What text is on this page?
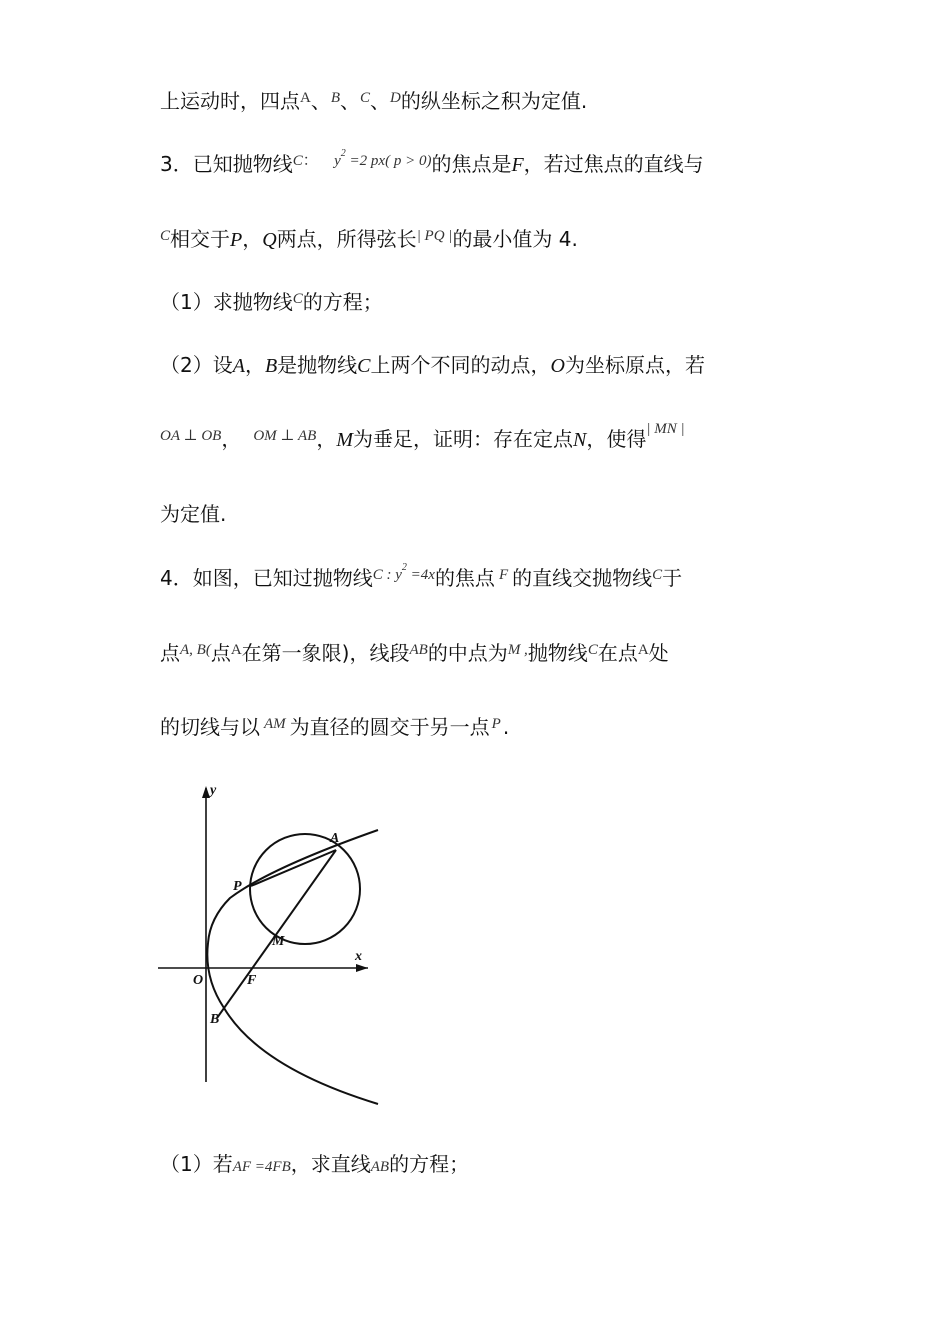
上运动时，四点$^A$、$^B$、$^C$、$^D$的纵坐标之积为定值.
3．已知抛物线$^{C:}$ $^{y^2 =2 px( p > 0)}$的焦点是F，若过焦点的直线与
$^C$相交于P，Q两点，所得弦长$^{| PQ |}$的最小值为 4.
（1）求抛物线$^C$的方程；
（2）设A，B是抛物线C上两个不同的动点，O为坐标原点，若
$^{OA \perp OB}$， $^{OM \perp AB}$，M为垂足，证明：存在定点N，使得$^{| MN |}$
为定值.
4．如图，已知过抛物线$^{C : y^2 =4x}$的焦点 $^F$ 的直线交抛物线$^C$于
点$^{A, B(}$点$^A$在第一象限)，线段$^{AB}$的中点为$^{M ,}$抛物线$^C$在点$^A$处
的切线与以 $^{AM}$ 为直径的圆交于另一点 $^P$ .
y
x
O	F
A
B
M
P
（1）若AF =4FB，求直线AB的方程；
